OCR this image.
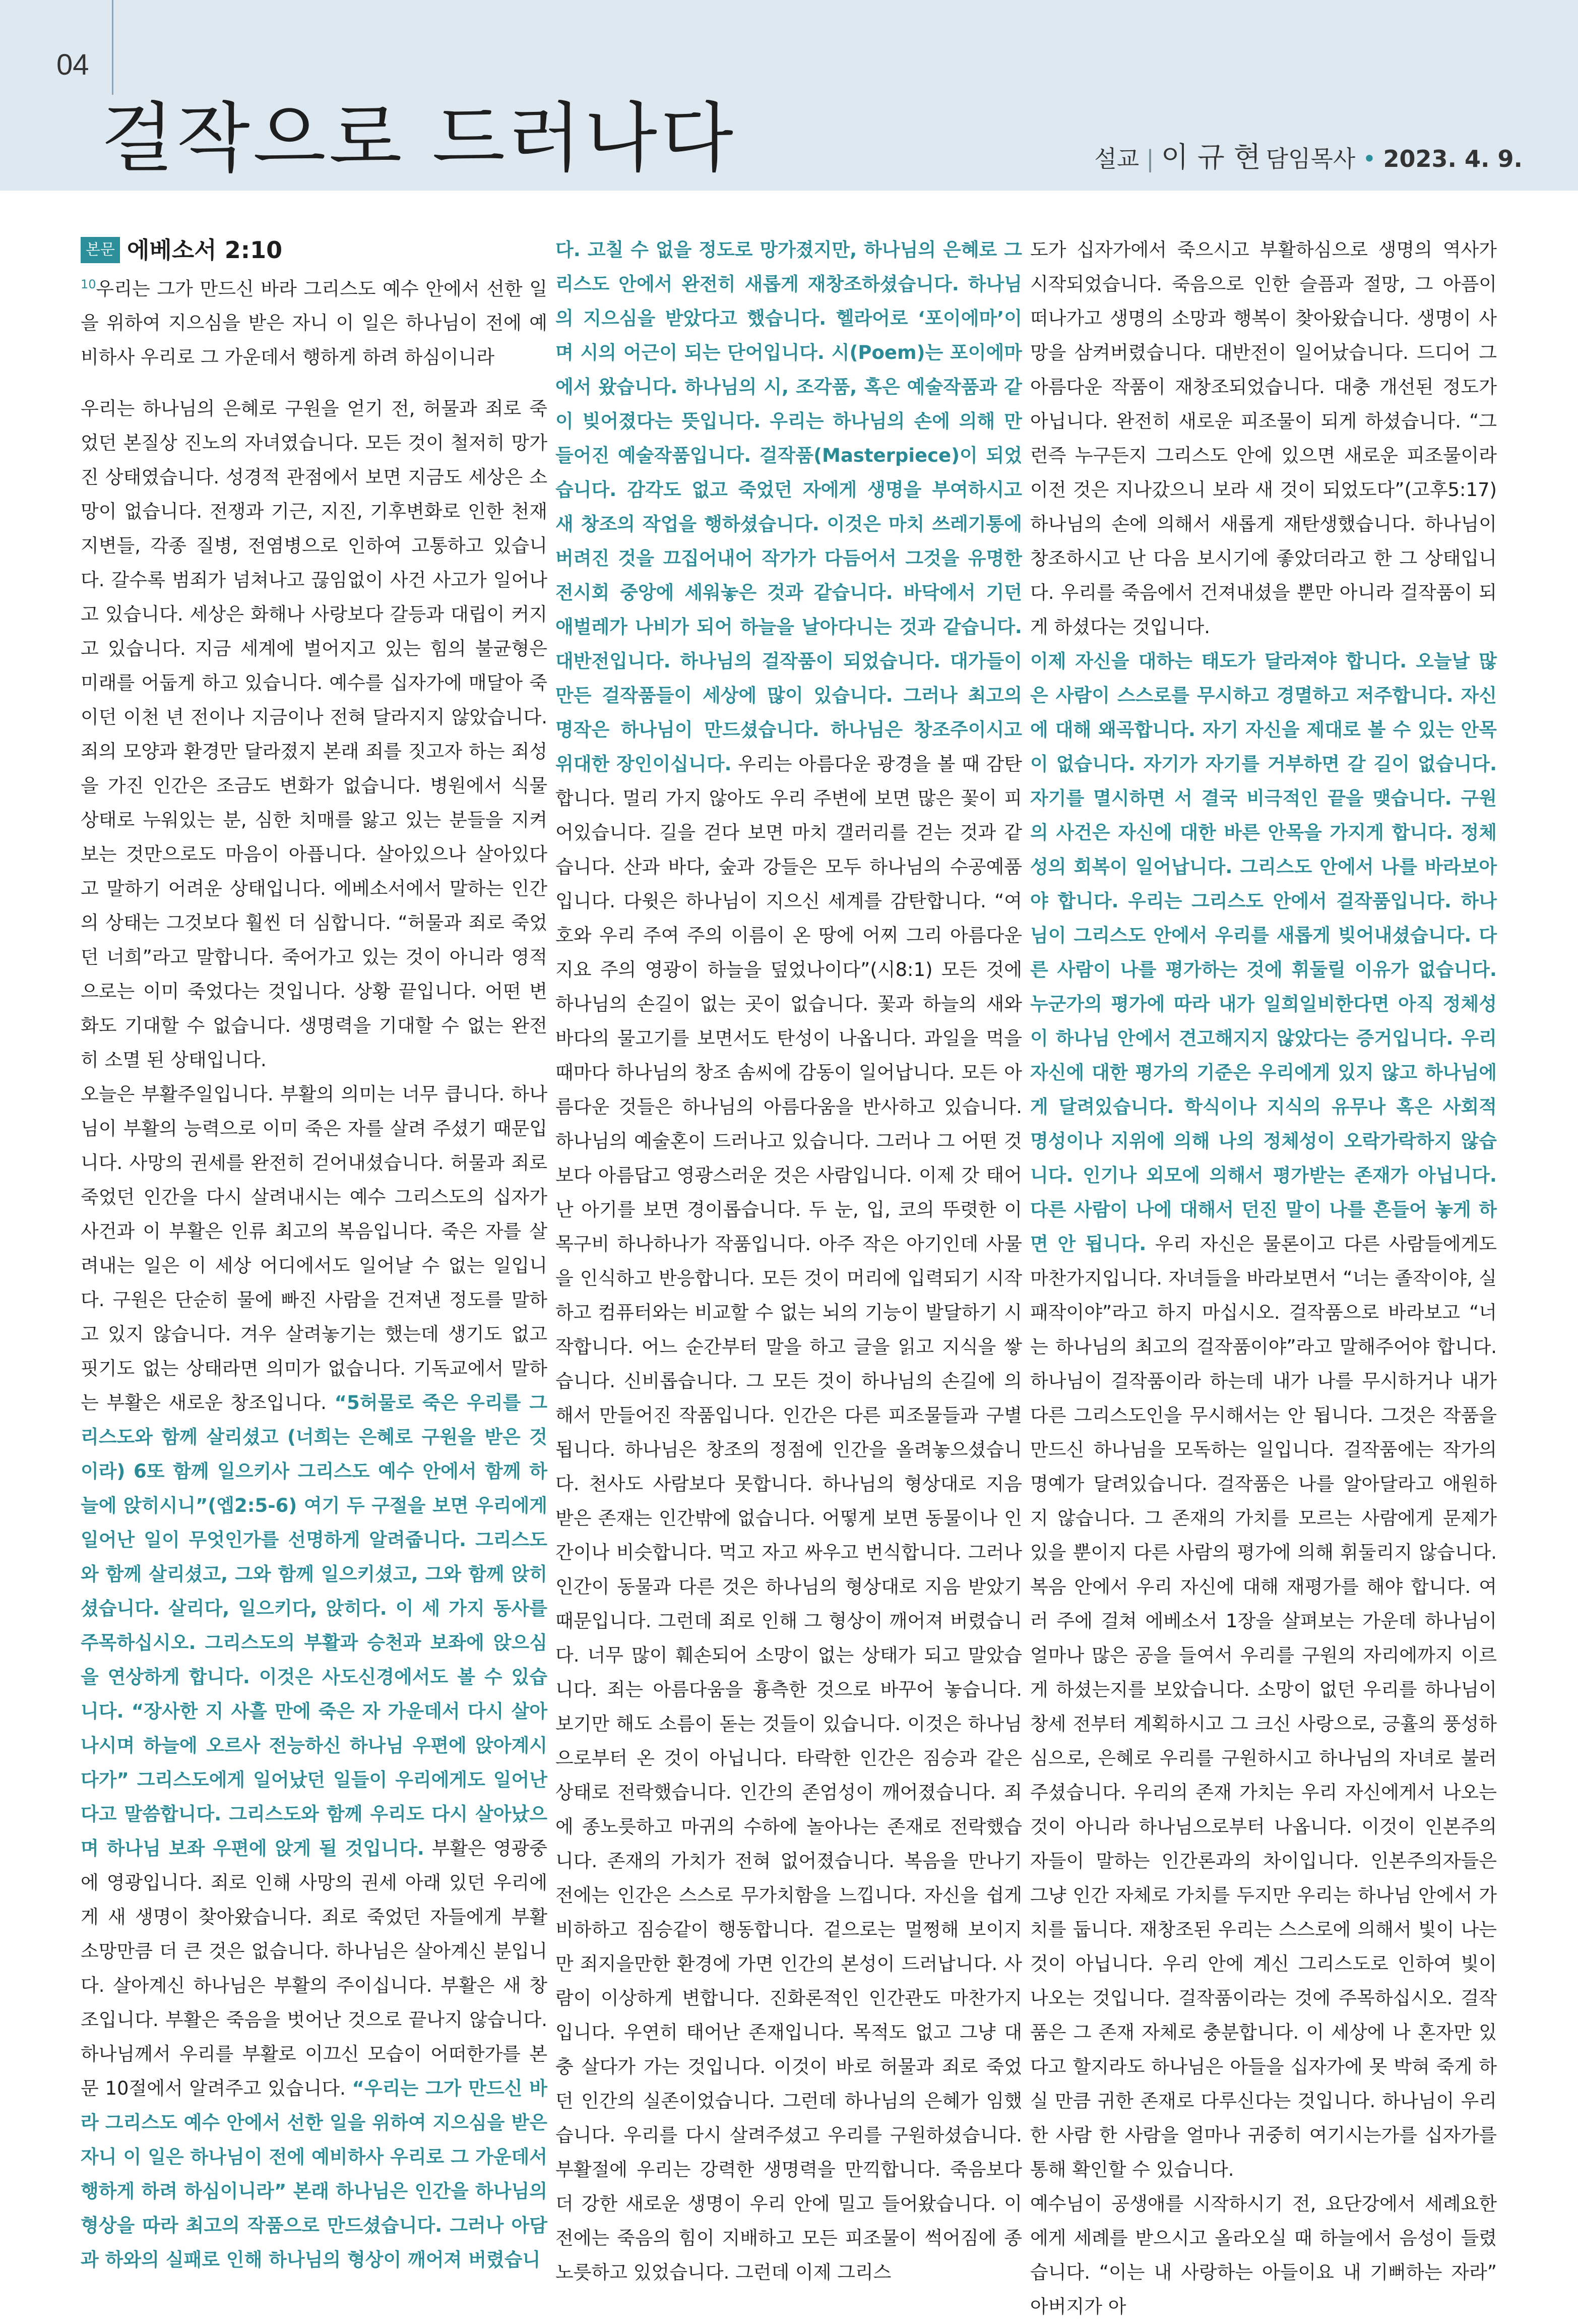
04
걸작으로 드러나다	설교 | 이 규 현 담임목사 • 2023. 4. 9.
본문 에베소서 2:10

$^{10}$우리는 그가 만드신 바라 그리스도 예수 안에서 선한 일을 위하여 지으심을 받은 자니 이 일은 하나님이 전에 예비하사 우리로 그 가운데서 행하게 하려 하심이니라

우리는 하나님의 은혜로 구원을 얻기 전, 허물과 죄로 죽었던 본질상 진노의 자녀였습니다. 모든 것이 철저히 망가진 상태였습니다. 성경적 관점에서 보면 지금도 세상은 소망이 없습니다. 전쟁과 기근, 지진, 기후변화로 인한 천재지변들, 각종 질병, 전염병으로 인하여 고통하고 있습니다. 갈수록 범죄가 넘쳐나고 끊임없이 사건 사고가 일어나고 있습니다. 세상은 화해나 사랑보다 갈등과 대립이 커지고 있습니다. 지금 세계에 벌어지고 있는 힘의 불균형은 미래를 어둡게 하고 있습니다. 예수를 십자가에 매달아 죽이던 이천 년 전이나 지금이나 전혀 달라지지 않았습니다. 죄의 모양과 환경만 달라졌지 본래 죄를 짓고자 하는 죄성을 가진 인간은 조금도 변화가 없습니다. 병원에서 식물 상태로 누워있는 분, 심한 치매를 앓고 있는 분들을 지켜보는 것만으로도 마음이 아픕니다. 살아있으나 살아있다고 말하기 어려운 상태입니다. 에베소서에서 말하는 인간의 상태는 그것보다 훨씬 더 심합니다. “허물과 죄로 죽었던 너희”라고 말합니다. 죽어가고 있는 것이 아니라 영적으로는 이미 죽었다는 것입니다. 상황 끝입니다. 어떤 변화도 기대할 수 없습니다. 생명력을 기대할 수 없는 완전히 소멸 된 상태입니다.

오늘은 부활주일입니다. 부활의 의미는 너무 큽니다. 하나님이 부활의 능력으로 이미 죽은 자를 살려 주셨기 때문입니다. 사망의 권세를 완전히 걷어내셨습니다. 허물과 죄로 죽었던 인간을 다시 살려내시는 예수 그리스도의 십자가 사건과 이 부활은 인류 최고의 복음입니다. 죽은 자를 살려내는 일은 이 세상 어디에서도 일어날 수 없는 일입니다. 구원은 단순히 물에 빠진 사람을 건져낸 정도를 말하고 있지 않습니다. 겨우 살려놓기는 했는데 생기도 없고 핏기도 없는 상태라면 의미가 없습니다. 기독교에서 말하는 부활은 새로운 창조입니다. “5허물로 죽은 우리를 그리스도와 함께 살리셨고 (너희는 은혜로 구원을 받은 것이라) 6또 함께 일으키사 그리스도 예수 안에서 함께 하늘에 앉히시니”(엡2:5-6) 여기 두 구절을 보면 우리에게 일어난 일이 무엇인가를 선명하게 알려줍니다. 그리스도와 함께 살리셨고, 그와 함께 일으키셨고, 그와 함께 앉히셨습니다. 살리다, 일으키다, 앉히다. 이 세 가지 동사를 주목하십시오. 그리스도의 부활과 승천과 보좌에 앉으심을 연상하게 합니다. 이것은 사도신경에서도 볼 수 있습니다. “장사한 지 사흘 만에 죽은 자 가운데서 다시 살아나시며 하늘에 오르사 전능하신 하나님 우편에 앉아계시다가” 그리스도에게 일어났던 일들이 우리에게도 일어난다고 말씀합니다. 그리스도와 함께 우리도 다시 살아났으며 하나님 보좌 우편에 앉게 될 것입니다. 부활은 영광중에 영광입니다. 죄로 인해 사망의 권세 아래 있던 우리에게 새 생명이 찾아왔습니다. 죄로 죽었던 자들에게 부활 소망만큼 더 큰 것은 없습니다. 하나님은 살아계신 분입니다. 살아계신 하나님은 부활의 주이십니다. 부활은 새 창조입니다. 부활은 죽음을 벗어난 것으로 끝나지 않습니다. 하나님께서 우리를 부활로 이끄신 모습이 어떠한가를 본문 10절에서 알려주고 있습니다. “우리는 그가 만드신 바라 그리스도 예수 안에서 선한 일을 위하여 지으심을 받은 자니 이 일은 하나님이 전에 예비하사 우리로 그 가운데서 행하게 하려 하심이니라” 본래 하나님은 인간을 하나님의 형상을 따라 최고의 작품으로 만드셨습니다. 그러나 아담과 하와의 실패로 인해 하나님의 형상이 깨어져 버렸습니

다. 고칠 수 없을 정도로 망가졌지만, 하나님의 은혜로 그리스도 안에서 완전히 새롭게 재창조하셨습니다. 하나님의 지으심을 받았다고 했습니다. 헬라어로 ‘포이에마’이며 시의 어근이 되는 단어입니다. 시(Poem)는 포이에마에서 왔습니다. 하나님의 시, 조각품, 혹은 예술작품과 같이 빚어졌다는 뜻입니다. 우리는 하나님의 손에 의해 만들어진 예술작품입니다. 걸작품(Masterpiece)이 되었습니다. 감각도 없고 죽었던 자에게 생명을 부여하시고 새 창조의 작업을 행하셨습니다. 이것은 마치 쓰레기통에 버려진 것을 끄집어내어 작가가 다듬어서 그것을 유명한 전시회 중앙에 세워놓은 것과 같습니다. 바닥에서 기던 애벌레가 나비가 되어 하늘을 날아다니는 것과 같습니다. 대반전입니다. 하나님의 걸작품이 되었습니다. 대가들이 만든 걸작품들이 세상에 많이 있습니다. 그러나 최고의 명작은 하나님이 만드셨습니다. 하나님은 창조주이시고 위대한 장인이십니다. 우리는 아름다운 광경을 볼 때 감탄합니다. 멀리 가지 않아도 우리 주변에 보면 많은 꽃이 피어있습니다. 길을 걷다 보면 마치 갤러리를 걷는 것과 같습니다. 산과 바다, 숲과 강들은 모두 하나님의 수공예품입니다. 다윗은 하나님이 지으신 세계를 감탄합니다. “여호와 우리 주여 주의 이름이 온 땅에 어찌 그리 아름다운지요 주의 영광이 하늘을 덮었나이다”(시8:1) 모든 것에 하나님의 손길이 없는 곳이 없습니다. 꽃과 하늘의 새와 바다의 물고기를 보면서도 탄성이 나옵니다. 과일을 먹을 때마다 하나님의 창조 솜씨에 감동이 일어납니다. 모든 아름다운 것들은 하나님의 아름다움을 반사하고 있습니다. 하나님의 예술혼이 드러나고 있습니다. 그러나 그 어떤 것보다 아름답고 영광스러운 것은 사람입니다. 이제 갓 태어난 아기를 보면 경이롭습니다. 두 눈, 입, 코의 뚜렷한 이목구비 하나하나가 작품입니다. 아주 작은 아기인데 사물을 인식하고 반응합니다. 모든 것이 머리에 입력되기 시작하고 컴퓨터와는 비교할 수 없는 뇌의 기능이 발달하기 시작합니다. 어느 순간부터 말을 하고 글을 읽고 지식을 쌓습니다. 신비롭습니다. 그 모든 것이 하나님의 손길에 의해서 만들어진 작품입니다. 인간은 다른 피조물들과 구별됩니다. 하나님은 창조의 정점에 인간을 올려놓으셨습니다. 천사도 사람보다 못합니다. 하나님의 형상대로 지음 받은 존재는 인간밖에 없습니다. 어떻게 보면 동물이나 인간이나 비슷합니다. 먹고 자고 싸우고 번식합니다. 그러나 인간이 동물과 다른 것은 하나님의 형상대로 지음 받았기 때문입니다. 그런데 죄로 인해 그 형상이 깨어져 버렸습니다. 너무 많이 훼손되어 소망이 없는 상태가 되고 말았습니다. 죄는 아름다움을 흉측한 것으로 바꾸어 놓습니다. 보기만 해도 소름이 돋는 것들이 있습니다. 이것은 하나님으로부터 온 것이 아닙니다. 타락한 인간은 짐승과 같은 상태로 전락했습니다. 인간의 존엄성이 깨어졌습니다. 죄에 종노릇하고 마귀의 수하에 놀아나는 존재로 전락했습니다. 존재의 가치가 전혀 없어졌습니다. 복음을 만나기 전에는 인간은 스스로 무가치함을 느낍니다. 자신을 쉽게 비하하고 짐승같이 행동합니다. 겉으로는 멀쩡해 보이지만 죄지을만한 환경에 가면 인간의 본성이 드러납니다. 사람이 이상하게 변합니다. 진화론적인 인간관도 마찬가지입니다. 우연히 태어난 존재입니다. 목적도 없고 그냥 대충 살다가 가는 것입니다. 이것이 바로 허물과 죄로 죽었던 인간의 실존이었습니다. 그런데 하나님의 은혜가 임했습니다. 우리를 다시 살려주셨고 우리를 구원하셨습니다. 부활절에 우리는 강력한 생명력을 만끽합니다. 죽음보다 더 강한 새로운 생명이 우리 안에 밀고 들어왔습니다. 이전에는 죽음의 힘이 지배하고 모든 피조물이 썩어짐에 종노릇하고 있었습니다. 그런데 이제 그리스

도가 십자가에서 죽으시고 부활하심으로 생명의 역사가 시작되었습니다. 죽음으로 인한 슬픔과 절망, 그 아픔이 떠나가고 생명의 소망과 행복이 찾아왔습니다. 생명이 사망을 삼켜버렸습니다. 대반전이 일어났습니다. 드디어 그 아름다운 작품이 재창조되었습니다. 대충 개선된 정도가 아닙니다. 완전히 새로운 피조물이 되게 하셨습니다. “그런즉 누구든지 그리스도 안에 있으면 새로운 피조물이라 이전 것은 지나갔으니 보라 새 것이 되었도다”(고후5:17) 하나님의 손에 의해서 새롭게 재탄생했습니다. 하나님이 창조하시고 난 다음 보시기에 좋았더라고 한 그 상태입니다. 우리를 죽음에서 건져내셨을 뿐만 아니라 걸작품이 되게 하셨다는 것입니다.

이제 자신을 대하는 태도가 달라져야 합니다. 오늘날 많은 사람이 스스로를 무시하고 경멸하고 저주합니다. 자신에 대해 왜곡합니다. 자기 자신을 제대로 볼 수 있는 안목이 없습니다. 자기가 자기를 거부하면 갈 길이 없습니다. 자기를 멸시하면 서 결국 비극적인 끝을 맺습니다. 구원의 사건은 자신에 대한 바른 안목을 가지게 합니다. 정체성의 회복이 일어납니다. 그리스도 안에서 나를 바라보아야 합니다. 우리는 그리스도 안에서 걸작품입니다. 하나님이 그리스도 안에서 우리를 새롭게 빚어내셨습니다. 다른 사람이 나를 평가하는 것에 휘둘릴 이유가 없습니다. 누군가의 평가에 따라 내가 일희일비한다면 아직 정체성이 하나님 안에서 견고해지지 않았다는 증거입니다. 우리 자신에 대한 평가의 기준은 우리에게 있지 않고 하나님에게 달려있습니다. 학식이나 지식의 유무나 혹은 사회적 명성이나 지위에 의해 나의 정체성이 오락가락하지 않습니다. 인기나 외모에 의해서 평가받는 존재가 아닙니다. 다른 사람이 나에 대해서 던진 말이 나를 흔들어 놓게 하면 안 됩니다. 우리 자신은 물론이고 다른 사람들에게도 마찬가지입니다. 자녀들을 바라보면서 “너는 졸작이야, 실패작이야”라고 하지 마십시오. 걸작품으로 바라보고 “너는 하나님의 최고의 걸작품이야”라고 말해주어야 합니다. 하나님이 걸작품이라 하는데 내가 나를 무시하거나 내가 다른 그리스도인을 무시해서는 안 됩니다. 그것은 작품을 만드신 하나님을 모독하는 일입니다. 걸작품에는 작가의 명예가 달려있습니다. 걸작품은 나를 알아달라고 애원하지 않습니다. 그 존재의 가치를 모르는 사람에게 문제가 있을 뿐이지 다른 사람의 평가에 의해 휘둘리지 않습니다. 복음 안에서 우리 자신에 대해 재평가를 해야 합니다. 여러 주에 걸쳐 에베소서 1장을 살펴보는 가운데 하나님이 얼마나 많은 공을 들여서 우리를 구원의 자리에까지 이르게 하셨는지를 보았습니다. 소망이 없던 우리를 하나님이 창세 전부터 계획하시고 그 크신 사랑으로, 긍휼의 풍성하심으로, 은혜로 우리를 구원하시고 하나님의 자녀로 불러 주셨습니다. 우리의 존재 가치는 우리 자신에게서 나오는 것이 아니라 하나님으로부터 나옵니다. 이것이 인본주의자들이 말하는 인간론과의 차이입니다. 인본주의자들은 그냥 인간 자체로 가치를 두지만 우리는 하나님 안에서 가치를 둡니다. 재창조된 우리는 스스로에 의해서 빛이 나는 것이 아닙니다. 우리 안에 계신 그리스도로 인하여 빛이 나오는 것입니다. 걸작품이라는 것에 주목하십시오. 걸작품은 그 존재 자체로 충분합니다. 이 세상에 나 혼자만 있다고 할지라도 하나님은 아들을 십자가에 못 박혀 죽게 하실 만큼 귀한 존재로 다루신다는 것입니다. 하나님이 우리 한 사람 한 사람을 얼마나 귀중히 여기시는가를 십자가를 통해 확인할 수 있습니다.

예수님이 공생애를 시작하시기 전, 요단강에서 세례요한에게 세례를 받으시고 올라오실 때 하늘에서 음성이 들렸습니다. “이는 내 사랑하는 아들이요 내 기뻐하는 자라” 아버지가 아
